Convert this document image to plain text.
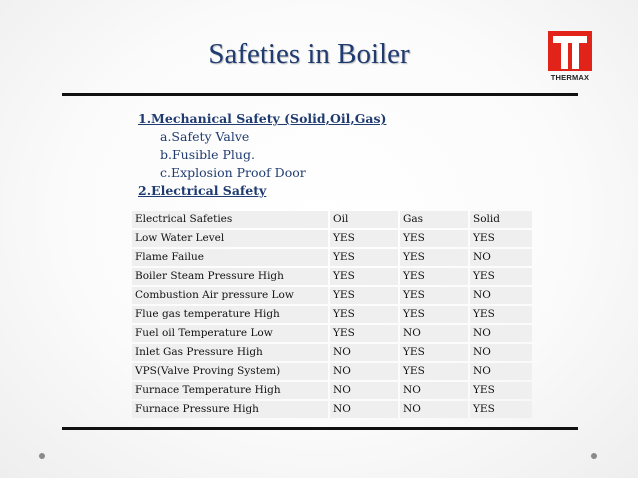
Safeties in Boiler
THERMAX
1.Mechanical Safety (Solid,Oil,Gas)
a.Safety Valve
b.Fusible Plug.
c.Explosion Proof Door
2.Electrical Safety
Electrical Safeties	Oil	Gas	Solid
Low Water Level	YES	YES	YES
Flame Failue	YES	YES	NO
Boiler Steam Pressure High	YES	YES	YES
Combustion Air pressure Low	YES	YES	NO
Flue gas temperature High	YES	YES	YES
Fuel oil Temperature Low	YES	NO	NO
Inlet Gas Pressure High	NO	YES	NO
VPS(Valve Proving System)	NO	YES	NO
Furnace Temperature High	NO	NO	YES
Furnace Pressure High	NO	NO	YES
